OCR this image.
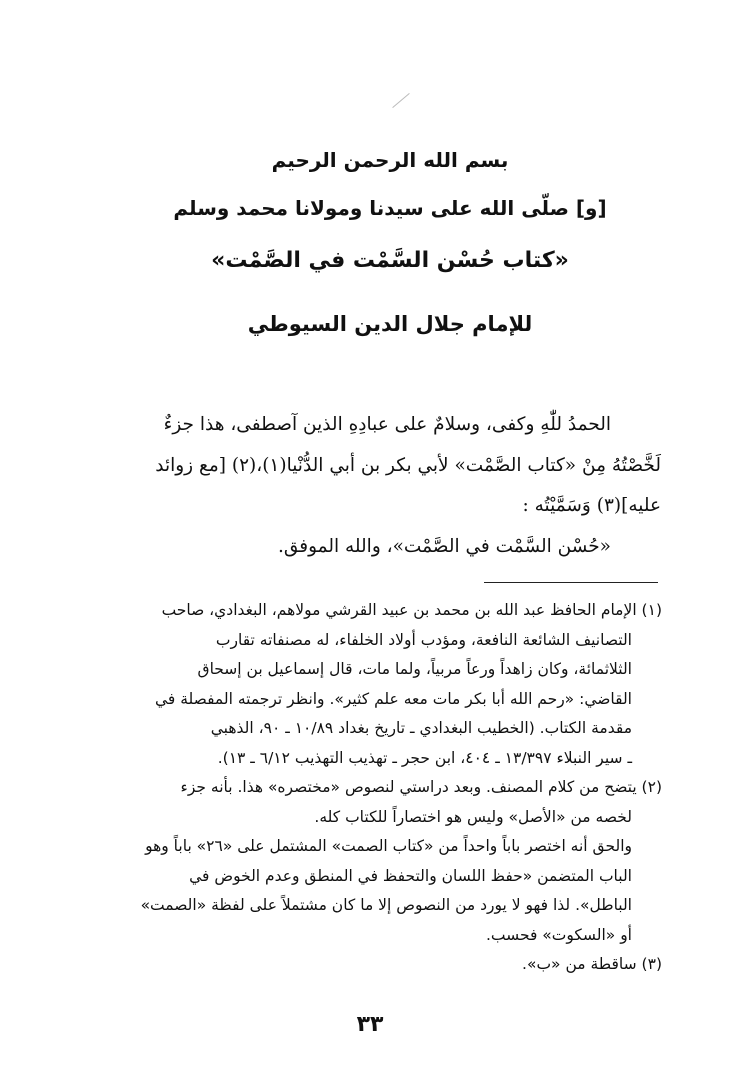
بسم الله الرحمن الرحيم
[و] صلّى الله على سيدنا ومولانا محمد وسلم
«كتاب حُسْن السَّمْت في الصَّمْت»
للإمام جلال الدين السيوطي

الحمدُ للّٰهِ وكفى، وسلامٌ على عبادِهِ الذين آصطفى، هذا جزءٌ

لَخَّصْتُهُ مِنْ «كتاب الصَّمْت» لأبي بكر بن أبي الدُّنْيا(١)،(٢) [مع زوائد

عليه](٣) وَسَمَّيْتُه :

«حُسْن السَّمْت في الصَّمْت»، والله الموفق.

(١) الإمام الحافظ عبد الله بن محمد بن عبيد القرشي مولاهم، البغدادي، صاحب

التصانيف الشائعة النافعة، ومؤدب أولاد الخلفاء، له مصنفاته تقارب

الثلاثمائة، وكان زاهداً ورعاً مربياً، ولما مات، قال إسماعيل بن إسحاق

القاضي: «رحم الله أبا بكر مات معه علم كثير». وانظر ترجمته المفصلة في

مقدمة الكتاب. (الخطيب البغدادي ـ تاريخ بغداد ١٠/٨٩ ـ ٩٠، الذهبي

ـ سير النبلاء ١٣/٣٩٧ ـ ٤٠٤، ابن حجر ـ تهذيب التهذيب ٦/١٢ ـ ١٣).

(٢) يتضح من كلام المصنف. وبعد دراستي لنصوص «مختصره» هذا. بأنه جزء

لخصه من «الأصل» وليس هو اختصاراً للكتاب كله.

والحق أنه اختصر باباً واحداً من «كتاب الصمت» المشتمل على «٢٦» باباً وهو

الباب المتضمن «حفظ اللسان والتحفظ في المنطق وعدم الخوض في

الباطل». لذا فهو لا يورد من النصوص إلا ما كان مشتملاً على لفظة «الصمت»

أو «السكوت» فحسب.

(٣) ساقطة من «ب».

٣٣
